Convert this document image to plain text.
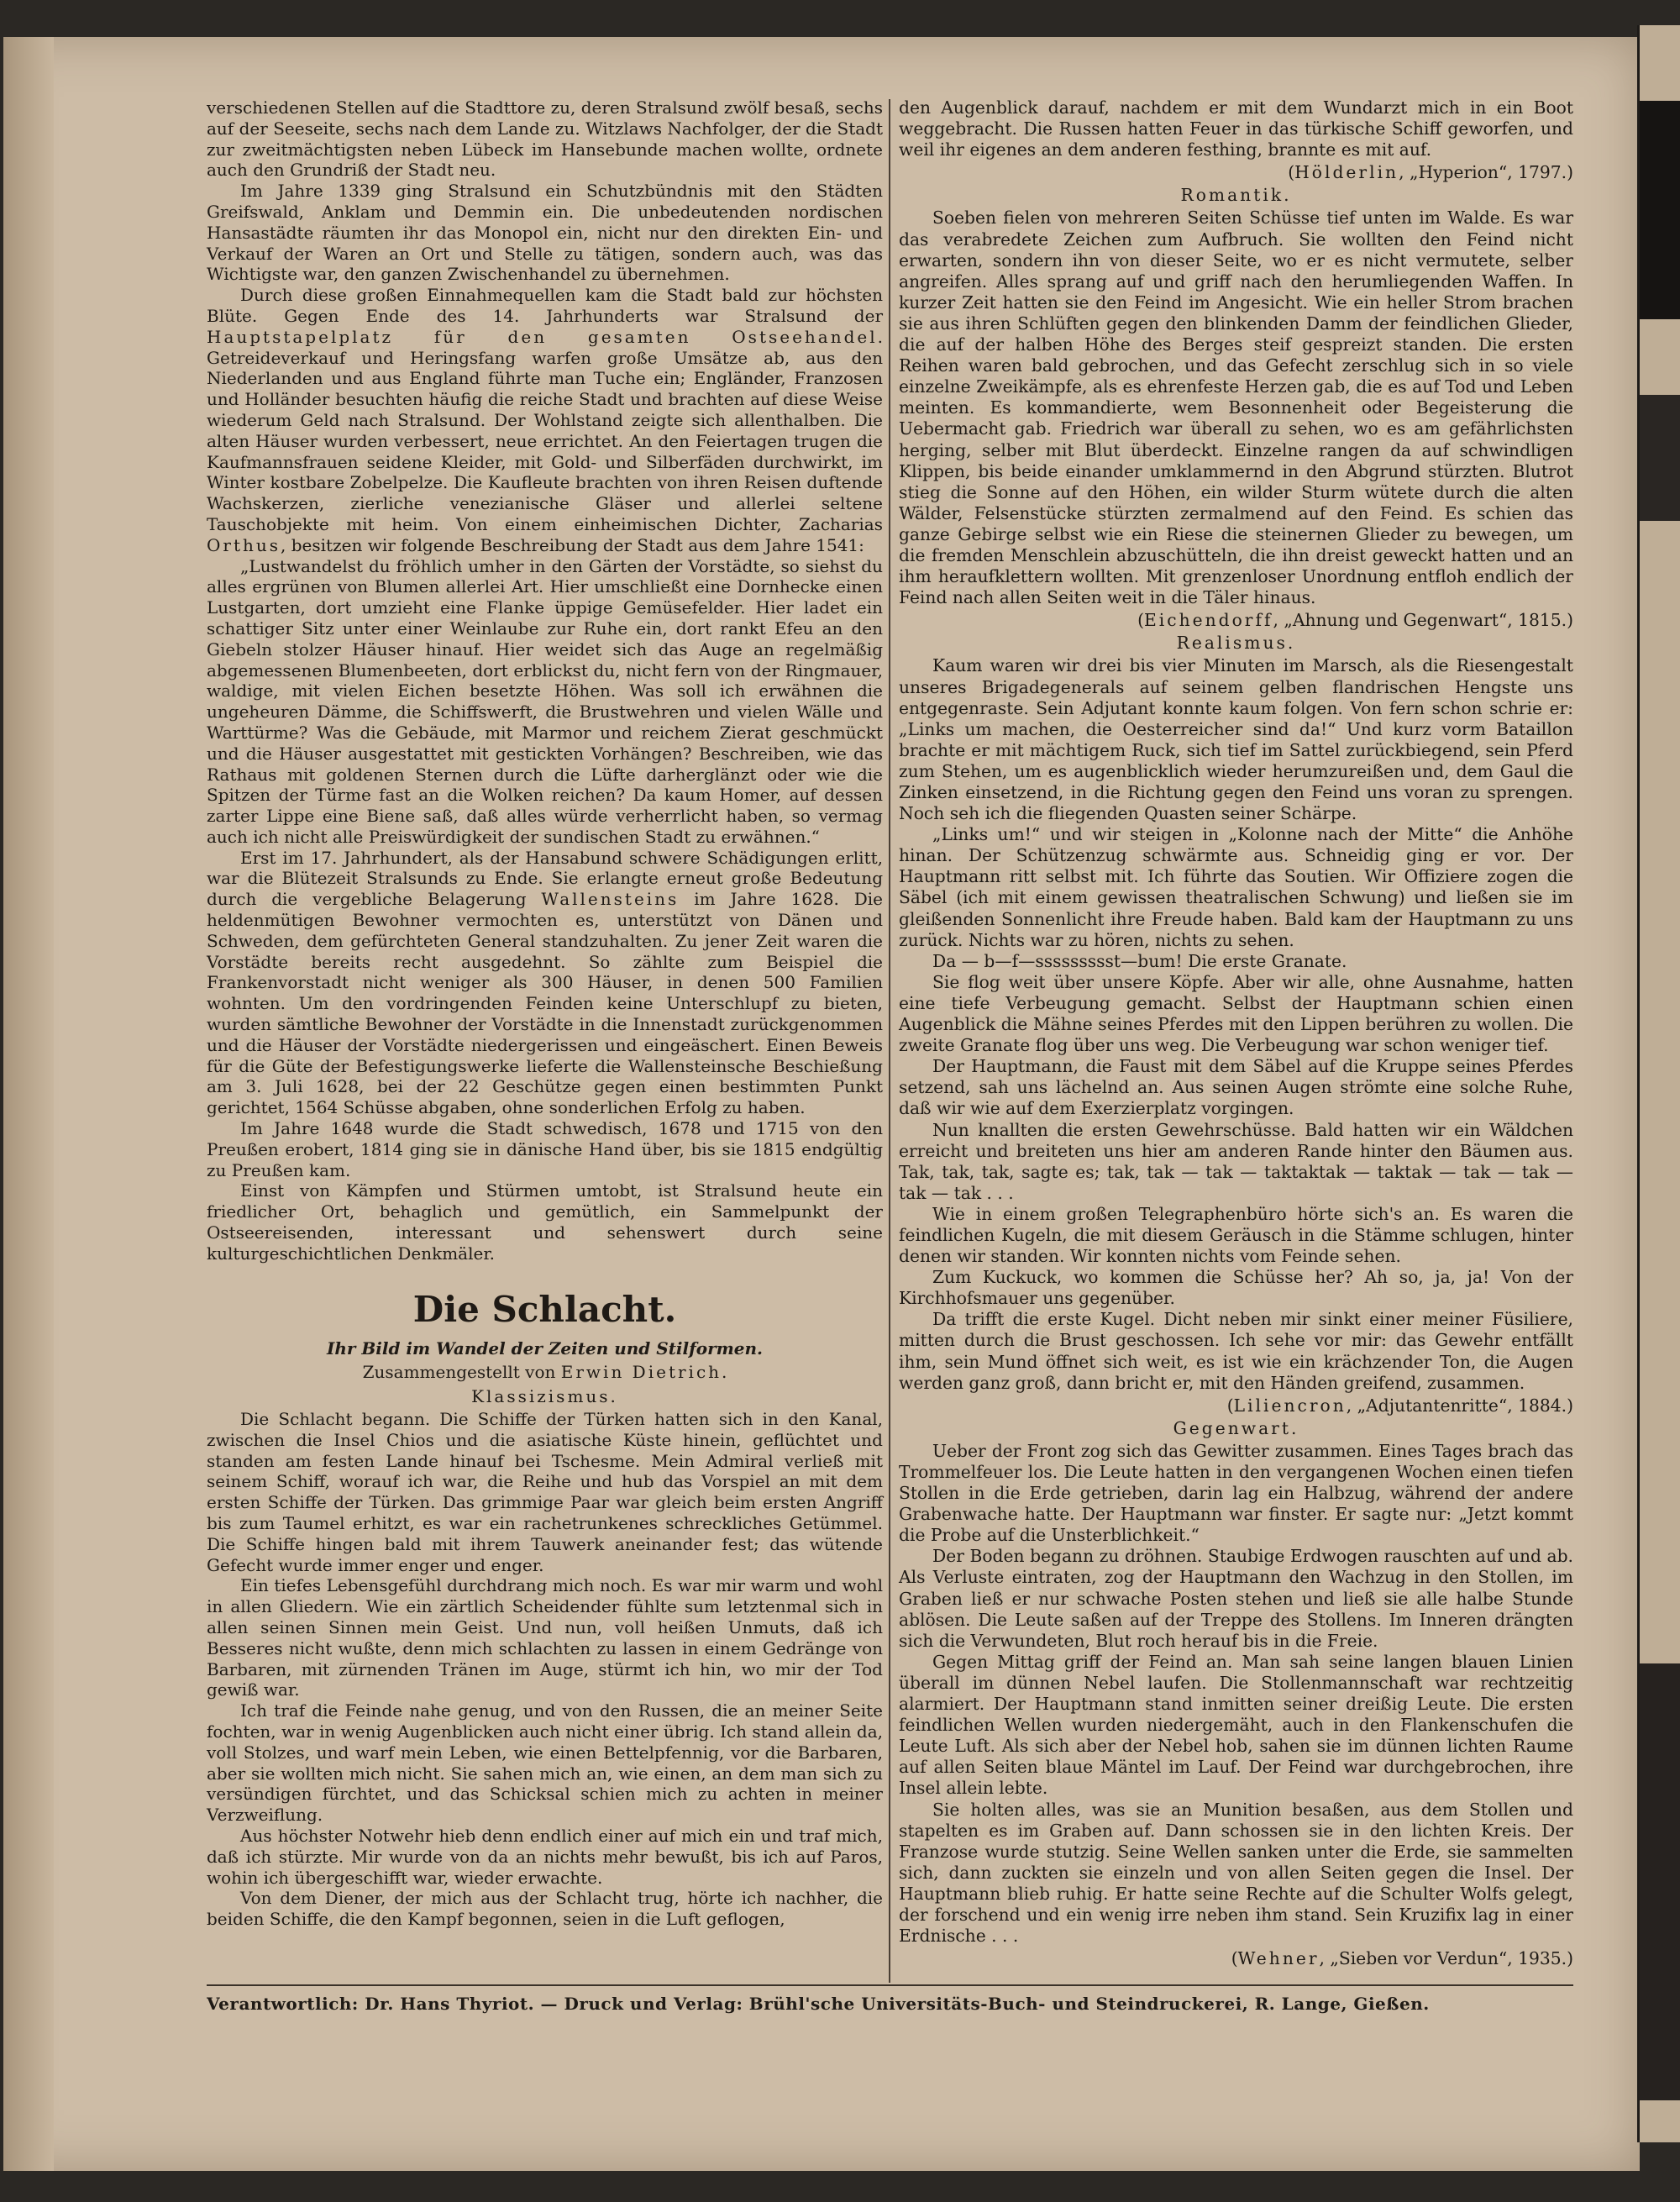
verschiedenen Stellen auf die Stadttore zu, deren Stralsund zwölf besaß, sechs auf der Seeseite, sechs nach dem Lande zu. Witzlaws Nachfolger, der die Stadt zur zweitmächtigsten neben Lübeck im Hansebunde machen wollte, ordnete auch den Grundriß der Stadt neu.

Im Jahre 1339 ging Stralsund ein Schutzbündnis mit den Städten Greifswald, Anklam und Demmin ein. Die unbedeutenden nordischen Hansastädte räumten ihr das Monopol ein, nicht nur den direkten Ein- und Verkauf der Waren an Ort und Stelle zu tätigen, sondern auch, was das Wichtigste war, den ganzen Zwischenhandel zu übernehmen.

Durch diese großen Einnahmequellen kam die Stadt bald zur höchsten Blüte. Gegen Ende des 14. Jahrhunderts war Stralsund der Hauptstapelplatz für den gesamten Ostseehandel. Getreideverkauf und Heringsfang warfen große Umsätze ab, aus den Niederlanden und aus England führte man Tuche ein; Engländer, Franzosen und Holländer besuchten häufig die reiche Stadt und brachten auf diese Weise wiederum Geld nach Stralsund. Der Wohlstand zeigte sich allenthalben. Die alten Häuser wurden verbessert, neue errichtet. An den Feiertagen trugen die Kaufmannsfrauen seidene Kleider, mit Gold- und Silberfäden durchwirkt, im Winter kostbare Zobelpelze. Die Kaufleute brachten von ihren Reisen duftende Wachskerzen, zierliche venezianische Gläser und allerlei seltene Tauschobjekte mit heim. Von einem einheimischen Dichter, Zacharias Orthus, besitzen wir folgende Beschreibung der Stadt aus dem Jahre 1541:

„Lustwandelst du fröhlich umher in den Gärten der Vorstädte, so siehst du alles ergrünen von Blumen allerlei Art. Hier umschließt eine Dornhecke einen Lustgarten, dort umzieht eine Flanke üppige Gemüsefelder. Hier ladet ein schattiger Sitz unter einer Weinlaube zur Ruhe ein, dort rankt Efeu an den Giebeln stolzer Häuser hinauf. Hier weidet sich das Auge an regelmäßig abgemessenen Blumenbeeten, dort erblickst du, nicht fern von der Ringmauer, waldige, mit vielen Eichen besetzte Höhen. Was soll ich erwähnen die ungeheuren Dämme, die Schiffswerft, die Brustwehren und vielen Wälle und Warttürme? Was die Gebäude, mit Marmor und reichem Zierat geschmückt und die Häuser ausgestattet mit gestickten Vorhängen? Beschreiben, wie das Rathaus mit goldenen Sternen durch die Lüfte darherglänzt oder wie die Spitzen der Türme fast an die Wolken reichen? Da kaum Homer, auf dessen zarter Lippe eine Biene saß, daß alles würde verherrlicht haben, so vermag auch ich nicht alle Preiswürdigkeit der sundischen Stadt zu erwähnen.“

Erst im 17. Jahrhundert, als der Hansabund schwere Schädigungen erlitt, war die Blütezeit Stralsunds zu Ende. Sie erlangte erneut große Bedeutung durch die vergebliche Belagerung Wallensteins im Jahre 1628. Die heldenmütigen Bewohner vermochten es, unterstützt von Dänen und Schweden, dem gefürchteten General standzuhalten. Zu jener Zeit waren die Vorstädte bereits recht ausgedehnt. So zählte zum Beispiel die Frankenvorstadt nicht weniger als 300 Häuser, in denen 500 Familien wohnten. Um den vordringenden Feinden keine Unterschlupf zu bieten, wurden sämtliche Bewohner der Vorstädte in die Innenstadt zurückgenommen und die Häuser der Vorstädte niedergerissen und eingeäschert. Einen Beweis für die Güte der Befestigungswerke lieferte die Wallensteinsche Beschießung am 3. Juli 1628, bei der 22 Geschütze gegen einen bestimmten Punkt gerichtet, 1564 Schüsse abgaben, ohne sonderlichen Erfolg zu haben.

Im Jahre 1648 wurde die Stadt schwedisch, 1678 und 1715 von den Preußen erobert, 1814 ging sie in dänische Hand über, bis sie 1815 endgültig zu Preußen kam.

Einst von Kämpfen und Stürmen umtobt, ist Stralsund heute ein friedlicher Ort, behaglich und gemütlich, ein Sammelpunkt der Ostseereisenden, interessant und sehenswert durch seine kulturgeschichtlichen Denkmäler.

Die Schlacht.
Ihr Bild im Wandel der Zeiten und Stilformen.
Zusammengestellt von Erwin Dietrich.
Klassizismus.

Die Schlacht begann. Die Schiffe der Türken hatten sich in den Kanal, zwischen die Insel Chios und die asiatische Küste hinein, geflüchtet und standen am festen Lande hinauf bei Tschesme. Mein Admiral verließ mit seinem Schiff, worauf ich war, die Reihe und hub das Vorspiel an mit dem ersten Schiffe der Türken. Das grimmige Paar war gleich beim ersten Angriff bis zum Taumel erhitzt, es war ein rachetrunkenes schreckliches Getümmel. Die Schiffe hingen bald mit ihrem Tauwerk aneinander fest; das wütende Gefecht wurde immer enger und enger.

Ein tiefes Lebensgefühl durchdrang mich noch. Es war mir warm und wohl in allen Gliedern. Wie ein zärtlich Scheidender fühlte sum letztenmal sich in allen seinen Sinnen mein Geist. Und nun, voll heißen Unmuts, daß ich Besseres nicht wußte, denn mich schlachten zu lassen in einem Gedränge von Barbaren, mit zürnenden Tränen im Auge, stürmt ich hin, wo mir der Tod gewiß war.

Ich traf die Feinde nahe genug, und von den Russen, die an meiner Seite fochten, war in wenig Augenblicken auch nicht einer übrig. Ich stand allein da, voll Stolzes, und warf mein Leben, wie einen Bettelpfennig, vor die Barbaren, aber sie wollten mich nicht. Sie sahen mich an, wie einen, an dem man sich zu versündigen fürchtet, und das Schicksal schien mich zu achten in meiner Verzweiflung.

Aus höchster Notwehr hieb denn endlich einer auf mich ein und traf mich, daß ich stürzte. Mir wurde von da an nichts mehr bewußt, bis ich auf Paros, wohin ich übergeschifft war, wieder erwachte.

Von dem Diener, der mich aus der Schlacht trug, hörte ich nachher, die beiden Schiffe, die den Kampf begonnen, seien in die Luft geflogen,

den Augenblick darauf, nachdem er mit dem Wundarzt mich in ein Boot weggebracht. Die Russen hatten Feuer in das türkische Schiff geworfen, und weil ihr eigenes an dem anderen festhing, brannte es mit auf.

(Hölderlin, „Hyperion“, 1797.)
Romantik.

Soeben fielen von mehreren Seiten Schüsse tief unten im Walde. Es war das verabredete Zeichen zum Aufbruch. Sie wollten den Feind nicht erwarten, sondern ihn von dieser Seite, wo er es nicht vermutete, selber angreifen. Alles sprang auf und griff nach den herumliegenden Waffen. In kurzer Zeit hatten sie den Feind im Angesicht. Wie ein heller Strom brachen sie aus ihren Schlüften gegen den blinkenden Damm der feindlichen Glieder, die auf der halben Höhe des Berges steif gespreizt standen. Die ersten Reihen waren bald gebrochen, und das Gefecht zerschlug sich in so viele einzelne Zweikämpfe, als es ehrenfeste Herzen gab, die es auf Tod und Leben meinten. Es kommandierte, wem Besonnenheit oder Begeisterung die Uebermacht gab. Friedrich war überall zu sehen, wo es am gefährlichsten herging, selber mit Blut überdeckt. Einzelne rangen da auf schwindligen Klippen, bis beide einander umklammernd in den Abgrund stürzten. Blutrot stieg die Sonne auf den Höhen, ein wilder Sturm wütete durch die alten Wälder, Felsenstücke stürzten zermalmend auf den Feind. Es schien das ganze Gebirge selbst wie ein Riese die steinernen Glieder zu bewegen, um die fremden Menschlein abzuschütteln, die ihn dreist geweckt hatten und an ihm heraufklettern wollten. Mit grenzenloser Unordnung entfloh endlich der Feind nach allen Seiten weit in die Täler hinaus.

(Eichendorff, „Ahnung und Gegenwart“, 1815.)
Realismus.

Kaum waren wir drei bis vier Minuten im Marsch, als die Riesengestalt unseres Brigadegenerals auf seinem gelben flandrischen Hengste uns entgegenraste. Sein Adjutant konnte kaum folgen. Von fern schon schrie er: „Links um machen, die Oesterreicher sind da!“ Und kurz vorm Bataillon brachte er mit mächtigem Ruck, sich tief im Sattel zurückbiegend, sein Pferd zum Stehen, um es augenblicklich wieder herumzureißen und, dem Gaul die Zinken einsetzend, in die Richtung gegen den Feind uns voran zu sprengen. Noch seh ich die fliegenden Quasten seiner Schärpe.

„Links um!“ und wir steigen in „Kolonne nach der Mitte“ die Anhöhe hinan. Der Schützenzug schwärmte aus. Schneidig ging er vor. Der Hauptmann ritt selbst mit. Ich führte das Soutien. Wir Offiziere zogen die Säbel (ich mit einem gewissen theatralischen Schwung) und ließen sie im gleißenden Sonnenlicht ihre Freude haben. Bald kam der Hauptmann zu uns zurück. Nichts war zu hören, nichts zu sehen.

Da — b—f—ssssssssst—bum! Die erste Granate.

Sie flog weit über unsere Köpfe. Aber wir alle, ohne Ausnahme, hatten eine tiefe Verbeugung gemacht. Selbst der Hauptmann schien einen Augenblick die Mähne seines Pferdes mit den Lippen berühren zu wollen. Die zweite Granate flog über uns weg. Die Verbeugung war schon weniger tief.

Der Hauptmann, die Faust mit dem Säbel auf die Kruppe seines Pferdes setzend, sah uns lächelnd an. Aus seinen Augen strömte eine solche Ruhe, daß wir wie auf dem Exerzierplatz vorgingen.

Nun knallten die ersten Gewehrschüsse. Bald hatten wir ein Wäldchen erreicht und breiteten uns hier am anderen Rande hinter den Bäumen aus. Tak, tak, tak, sagte es; tak, tak — tak — taktaktak — taktak — tak — tak — tak — tak . . .

Wie in einem großen Telegraphenbüro hörte sich's an. Es waren die feindlichen Kugeln, die mit diesem Geräusch in die Stämme schlugen, hinter denen wir standen. Wir konnten nichts vom Feinde sehen.

Zum Kuckuck, wo kommen die Schüsse her? Ah so, ja, ja! Von der Kirchhofsmauer uns gegenüber.

Da trifft die erste Kugel. Dicht neben mir sinkt einer meiner Füsiliere, mitten durch die Brust geschossen. Ich sehe vor mir: das Gewehr entfällt ihm, sein Mund öffnet sich weit, es ist wie ein krächzender Ton, die Augen werden ganz groß, dann bricht er, mit den Händen greifend, zusammen.

(Liliencron, „Adjutantenritte“, 1884.)
Gegenwart.

Ueber der Front zog sich das Gewitter zusammen. Eines Tages brach das Trommelfeuer los. Die Leute hatten in den vergangenen Wochen einen tiefen Stollen in die Erde getrieben, darin lag ein Halbzug, während der andere Grabenwache hatte. Der Hauptmann war finster. Er sagte nur: „Jetzt kommt die Probe auf die Unsterblichkeit.“

Der Boden begann zu dröhnen. Staubige Erdwogen rauschten auf und ab. Als Verluste eintraten, zog der Hauptmann den Wachzug in den Stollen, im Graben ließ er nur schwache Posten stehen und ließ sie alle halbe Stunde ablösen. Die Leute saßen auf der Treppe des Stollens. Im Inneren drängten sich die Verwundeten, Blut roch herauf bis in die Freie.

Gegen Mittag griff der Feind an. Man sah seine langen blauen Linien überall im dünnen Nebel laufen. Die Stollenmannschaft war rechtzeitig alarmiert. Der Hauptmann stand inmitten seiner dreißig Leute. Die ersten feindlichen Wellen wurden niedergemäht, auch in den Flankenschufen die Leute Luft. Als sich aber der Nebel hob, sahen sie im dünnen lichten Raume auf allen Seiten blaue Mäntel im Lauf. Der Feind war durchgebrochen, ihre Insel allein lebte.

Sie holten alles, was sie an Munition besaßen, aus dem Stollen und stapelten es im Graben auf. Dann schossen sie in den lichten Kreis. Der Franzose wurde stutzig. Seine Wellen sanken unter die Erde, sie sammelten sich, dann zuckten sie einzeln und von allen Seiten gegen die Insel. Der Hauptmann blieb ruhig. Er hatte seine Rechte auf die Schulter Wolfs gelegt, der forschend und ein wenig irre neben ihm stand. Sein Kruzifix lag in einer Erdnische . . .

(Wehner, „Sieben vor Verdun“, 1935.)
Verantwortlich: Dr. Hans Thyriot. — Druck und Verlag: Brühl'sche Universitäts-Buch- und Steindruckerei, R. Lange, Gießen.
